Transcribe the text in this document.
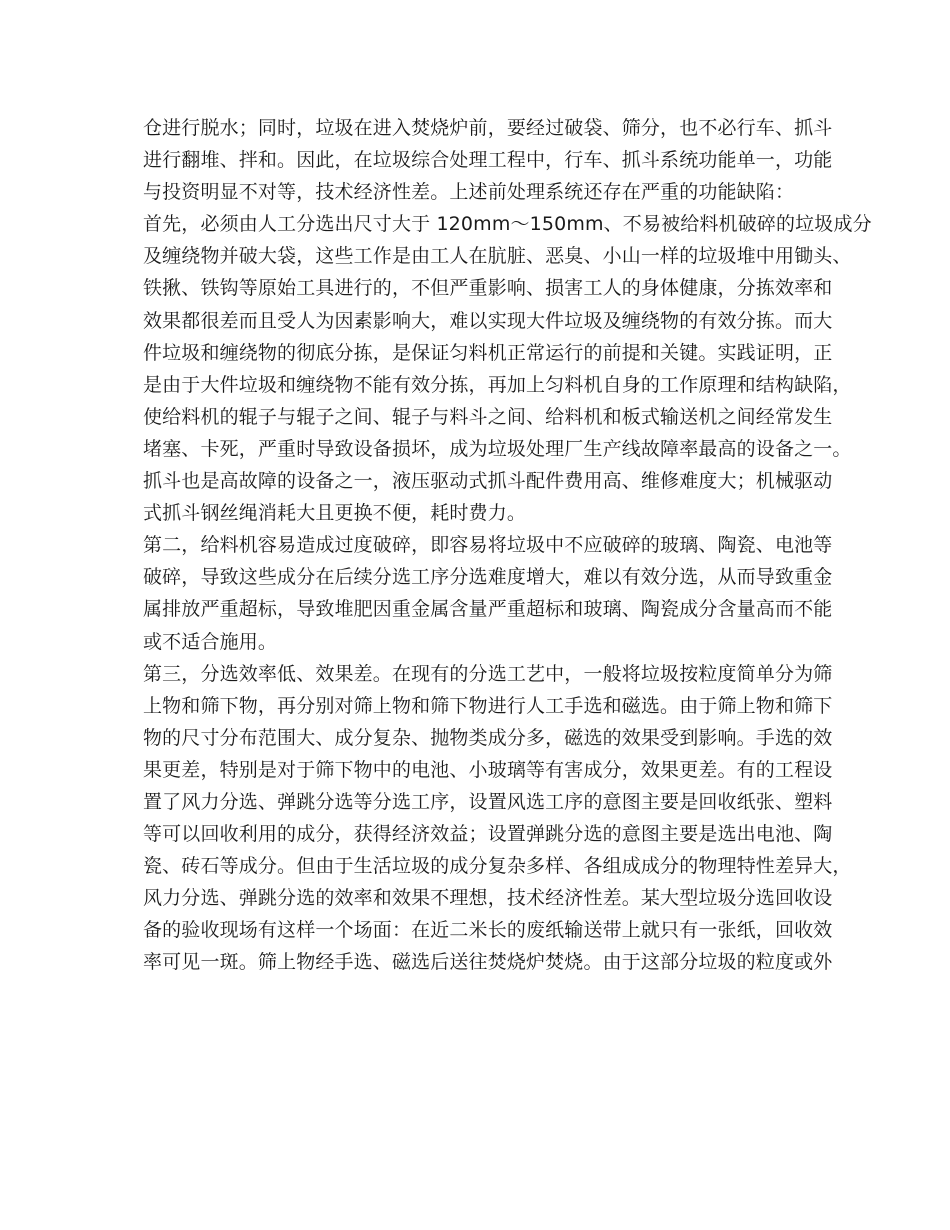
仓进行脱水；同时，垃圾在进入焚烧炉前，要经过破袋、筛分，也不必行车、抓斗
进行翻堆、拌和。因此，在垃圾综合处理工程中，行车、抓斗系统功能单一，功能
与投资明显不对等，技术经济性差。上述前处理系统还存在严重的功能缺陷：
首先，必须由人工分选出尺寸大于 120mm～150mm、不易被给料机破碎的垃圾成分
及缠绕物并破大袋，这些工作是由工人在肮脏、恶臭、小山一样的垃圾堆中用锄头、
铁揪、铁钩等原始工具进行的，不但严重影响、损害工人的身体健康，分拣效率和
效果都很差而且受人为因素影响大，难以实现大件垃圾及缠绕物的有效分拣。而大
件垃圾和缠绕物的彻底分拣，是保证匀料机正常运行的前提和关键。实践证明，正
是由于大件垃圾和缠绕物不能有效分拣，再加上匀料机自身的工作原理和结构缺陷，
使给料机的辊子与辊子之间、辊子与料斗之间、给料机和板式输送机之间经常发生
堵塞、卡死，严重时导致设备损坏，成为垃圾处理厂生产线故障率最高的设备之一。
抓斗也是高故障的设备之一，液压驱动式抓斗配件费用高、维修难度大；机械驱动
式抓斗钢丝绳消耗大且更换不便，耗时费力。
第二，给料机容易造成过度破碎，即容易将垃圾中不应破碎的玻璃、陶瓷、电池等
破碎，导致这些成分在后续分选工序分选难度增大，难以有效分选，从而导致重金
属排放严重超标，导致堆肥因重金属含量严重超标和玻璃、陶瓷成分含量高而不能
或不适合施用。
第三，分选效率低、效果差。在现有的分选工艺中，一般将垃圾按粒度简单分为筛
上物和筛下物，再分别对筛上物和筛下物进行人工手选和磁选。由于筛上物和筛下
物的尺寸分布范围大、成分复杂、抛物类成分多，磁选的效果受到影响。手选的效
果更差，特别是对于筛下物中的电池、小玻璃等有害成分，效果更差。有的工程设
置了风力分选、弹跳分选等分选工序，设置风选工序的意图主要是回收纸张、塑料
等可以回收利用的成分，获得经济效益；设置弹跳分选的意图主要是选出电池、陶
瓷、砖石等成分。但由于生活垃圾的成分复杂多样、各组成成分的物理特性差异大，
风力分选、弹跳分选的效率和效果不理想，技术经济性差。某大型垃圾分选回收设
备的验收现场有这样一个场面：在近二米长的废纸输送带上就只有一张纸，回收效
率可见一斑。筛上物经手选、磁选后送往焚烧炉焚烧。由于这部分垃圾的粒度或外
